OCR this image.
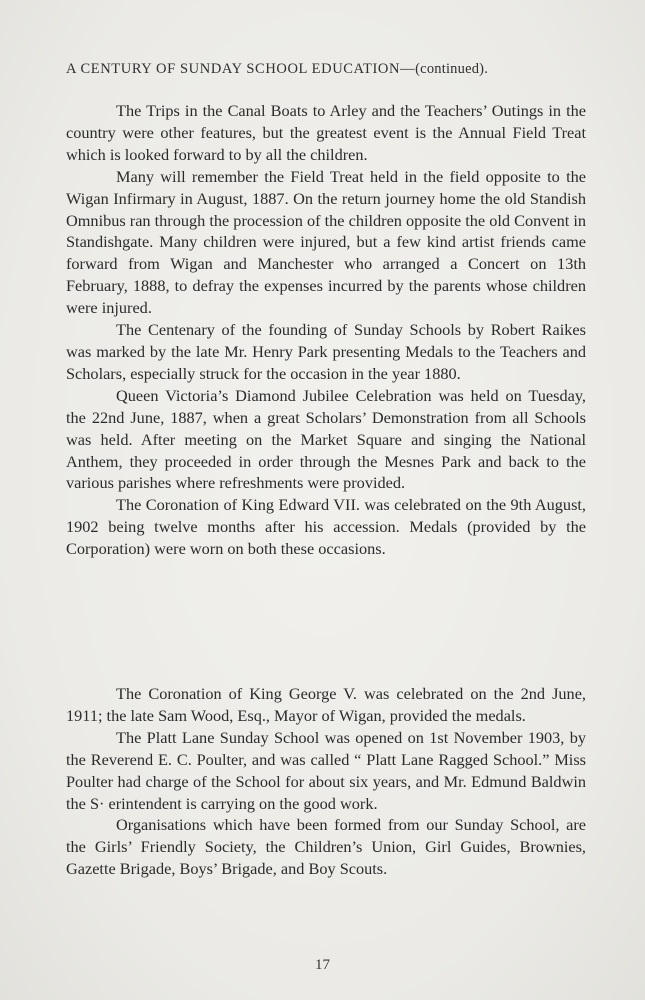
A CENTURY OF SUNDAY SCHOOL EDUCATION—(continued).

The Trips in the Canal Boats to Arley and the Teachers’ Outings in the country were other features, but the greatest event is the Annual Field Treat which is looked forward to by all the children.

Many will remember the Field Treat held in the field opposite to the Wigan Infirmary in August, 1887. On the return journey home the old Standish Omnibus ran through the procession of the children opposite the old Convent in Standishgate. Many children were injured, but a few kind artist friends came forward from Wigan and Manchester who arranged a Concert on 13th February, 1888, to defray the expenses incurred by the parents whose children were injured.

The Centenary of the founding of Sunday Schools by Robert Raikes was marked by the late Mr. Henry Park presenting Medals to the Teachers and Scholars, especially struck for the occasion in the year 1880.

Queen Victoria’s Diamond Jubilee Celebration was held on Tuesday, the 22nd June, 1887, when a great Scholars’ Demonstration from all Schools was held. After meeting on the Market Square and singing the National Anthem, they proceeded in order through the Mesnes Park and back to the various parishes where refreshments were provided.

The Coronation of King Edward VII. was celebrated on the 9th August, 1902 being twelve months after his accession. Medals (provided by the Corporation) were worn on both these occasions.

The Coronation of King George V. was celebrated on the 2nd June, 1911; the late Sam Wood, Esq., Mayor of Wigan, provided the medals.

The Platt Lane Sunday School was opened on 1st November 1903, by the Reverend E. C. Poulter, and was called “ Platt Lane Ragged School.” Miss Poulter had charge of the School for about six years, and Mr. Edmund Baldwin the S· erintendent is carrying on the good work.

Organisations which have been formed from our Sunday School, are the Girls’ Friendly Society, the Children’s Union, Girl Guides, Brownies, Gazette Brigade, Boys’ Brigade, and Boy Scouts.

17
